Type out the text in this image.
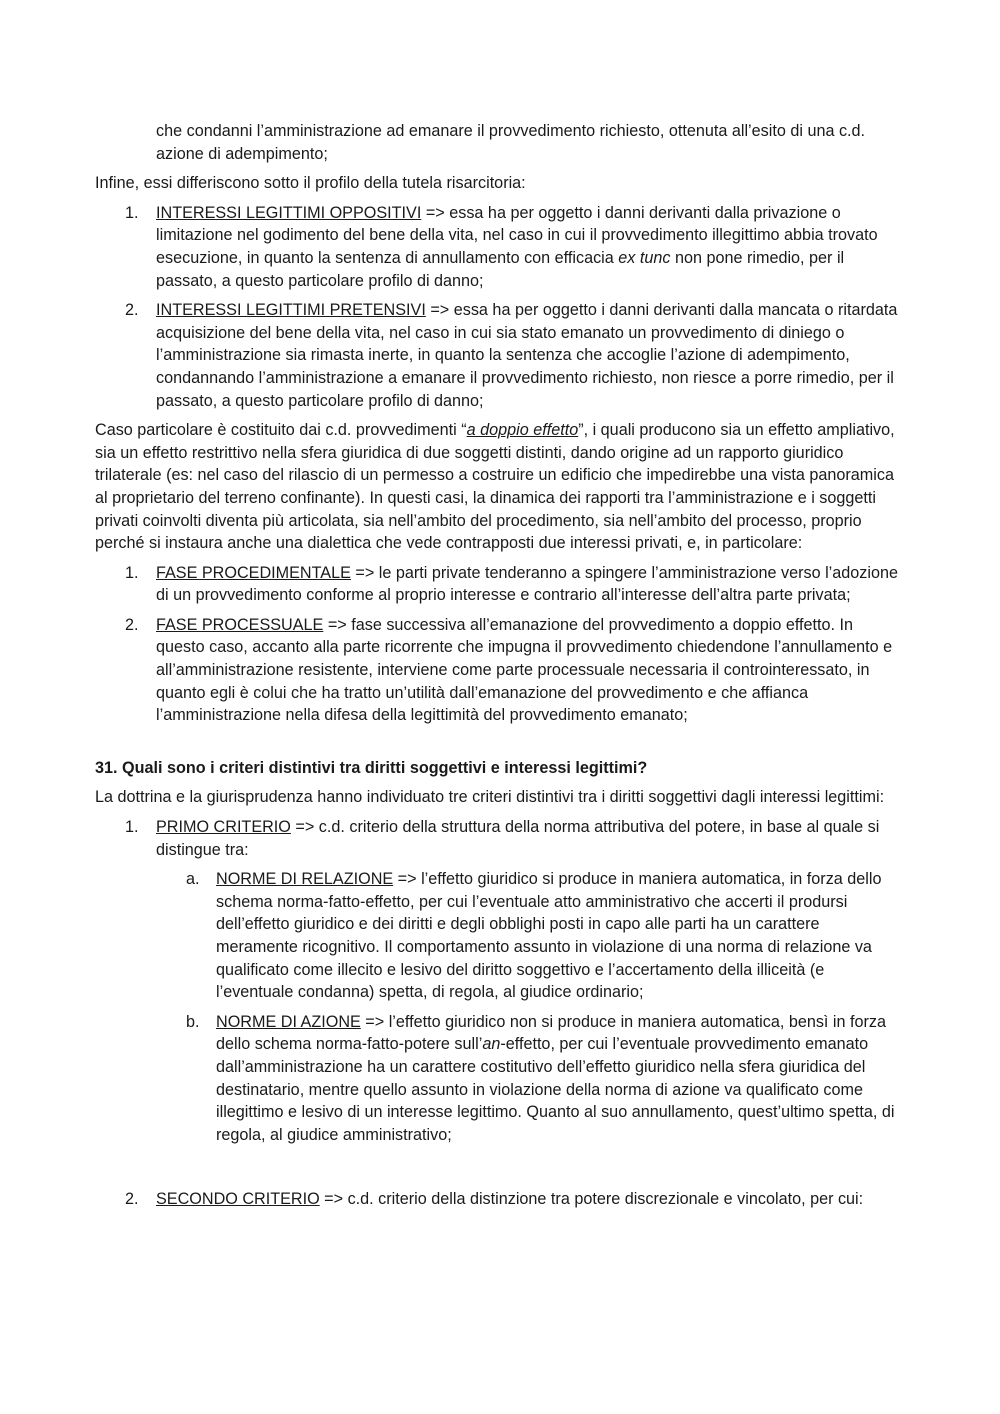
che condanni l’amministrazione ad emanare il provvedimento richiesto, ottenuta all’esito di una c.d. azione di adempimento;

Infine, essi differiscono sotto il profilo della tutela risarcitoria:

1. INTERESSI LEGITTIMI OPPOSITIVI => essa ha per oggetto i danni derivanti dalla privazione o limitazione nel godimento del bene della vita, nel caso in cui il provvedimento illegittimo abbia trovato esecuzione, in quanto la sentenza di annullamento con efficacia ex tunc non pone rimedio, per il passato, a questo particolare profilo di danno;
2. INTERESSI LEGITTIMI PRETENSIVI => essa ha per oggetto i danni derivanti dalla mancata o ritardata acquisizione del bene della vita, nel caso in cui sia stato emanato un provvedimento di diniego o l’amministrazione sia rimasta inerte, in quanto la sentenza che accoglie l’azione di adempimento, condannando l’amministrazione a emanare il provvedimento richiesto, non riesce a porre rimedio, per il passato, a questo particolare profilo di danno;

Caso particolare è costituito dai c.d. provvedimenti “a doppio effetto”, i quali producono sia un effetto ampliativo, sia un effetto restrittivo nella sfera giuridica di due soggetti distinti, dando origine ad un rapporto giuridico trilaterale (es: nel caso del rilascio di un permesso a costruire un edificio che impedirebbe una vista panoramica al proprietario del terreno confinante). In questi casi, la dinamica dei rapporti tra l’amministrazione e i soggetti privati coinvolti diventa più articolata, sia nell’ambito del procedimento, sia nell’ambito del processo, proprio perché si instaura anche una dialettica che vede contrapposti due interessi privati, e, in particolare:

1. FASE PROCEDIMENTALE => le parti private tenderanno a spingere l’amministrazione verso l’adozione di un provvedimento conforme al proprio interesse e contrario all’interesse dell’altra parte privata;
2. FASE PROCESSUALE => fase successiva all’emanazione del provvedimento a doppio effetto. In questo caso, accanto alla parte ricorrente che impugna il provvedimento chiedendone l’annullamento e all’amministrazione resistente, interviene come parte processuale necessaria il controinteressato, in quanto egli è colui che ha tratto un’utilità dall’emanazione del provvedimento e che affianca l’amministrazione nella difesa della legittimità del provvedimento emanato;

31. Quali sono i criteri distintivi tra diritti soggettivi e interessi legittimi?

La dottrina e la giurisprudenza hanno individuato tre criteri distintivi tra i diritti soggettivi dagli interessi legittimi:

1. PRIMO CRITERIO => c.d. criterio della struttura della norma attributiva del potere, in base al quale si distingue tra:
a. NORME DI RELAZIONE => l’effetto giuridico si produce in maniera automatica, in forza dello schema norma-fatto-effetto, per cui l’eventuale atto amministrativo che accerti il prodursi dell’effetto giuridico e dei diritti e degli obblighi posti in capo alle parti ha un carattere meramente ricognitivo. Il comportamento assunto in violazione di una norma di relazione va qualificato come illecito e lesivo del diritto soggettivo e l’accertamento della illiceità (e l’eventuale condanna) spetta, di regola, al giudice ordinario;
b. NORME DI AZIONE => l’effetto giuridico non si produce in maniera automatica, bensì in forza dello schema norma-fatto-potere sull’an-effetto, per cui l’eventuale provvedimento emanato dall’amministrazione ha un carattere costitutivo dell’effetto giuridico nella sfera giuridica del destinatario, mentre quello assunto in violazione della norma di azione va qualificato come illegittimo e lesivo di un interesse legittimo. Quanto al suo annullamento, quest’ultimo spetta, di regola, al giudice amministrativo;
2. SECONDO CRITERIO => c.d. criterio della distinzione tra potere discrezionale e vincolato, per cui:
